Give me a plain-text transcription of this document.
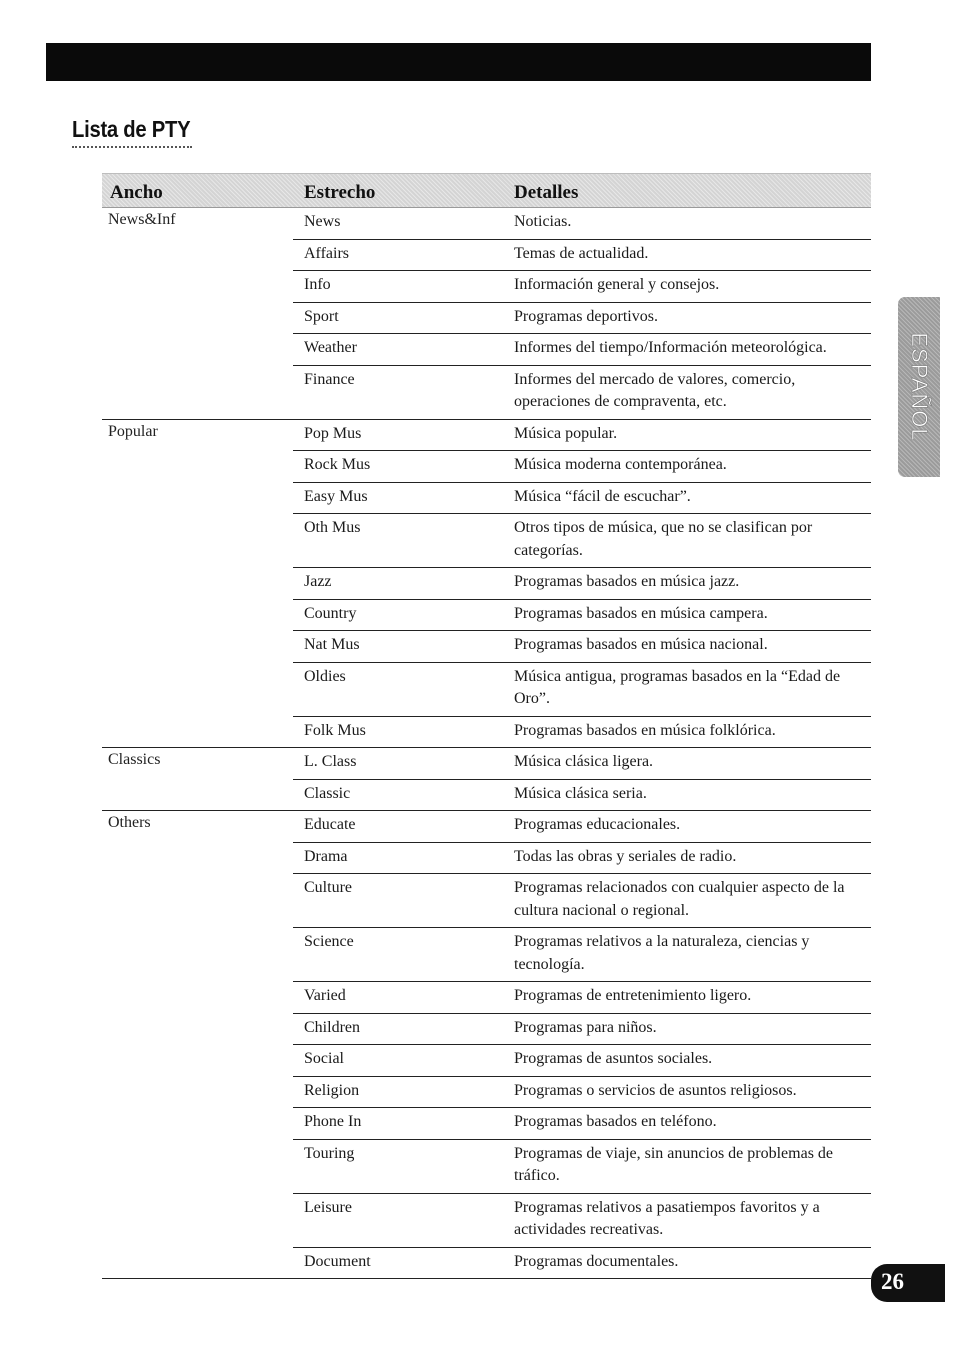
Lista de PTY
Ancho	Estrecho	Detalles
News&Inf	News	Noticias.
Affairs	Temas de actualidad.
Info	Información general y consejos.
Sport	Programas deportivos.
Weather	Informes del tiempo/Información meteorológica.
Finance	Informes del mercado de valores, comercio, operaciones de compraventa, etc.
Popular	Pop Mus	Música popular.
Rock Mus	Música moderna contemporánea.
Easy Mus	Música “fácil de escuchar”.
Oth Mus	Otros tipos de música, que no se clasifican por categorías.
Jazz	Programas basados en música jazz.
Country	Programas basados en música campera.
Nat Mus	Programas basados en música nacional.
Oldies	Música antigua, programas basados en la “Edad de Oro”.
Folk Mus	Programas basados en música folklórica.
Classics	L. Class	Música clásica ligera.
Classic	Música clásica seria.
Others	Educate	Programas educacionales.
Drama	Todas las obras y seriales de radio.
Culture	Programas relacionados con cualquier aspecto de la cultura nacional o regional.
Science	Programas relativos a la naturaleza, ciencias y tecnología.
Varied	Programas de entretenimiento ligero.
Children	Programas para niños.
Social	Programas de asuntos sociales.
Religion	Programas o servicios de asuntos religiosos.
Phone In	Programas basados en teléfono.
Touring	Programas de viaje, sin anuncios de problemas de tráfico.
Leisure	Programas relativos a pasatiempos favoritos y a actividades recreativas.
Document	Programas documentales.
ESPAÑOL
26
